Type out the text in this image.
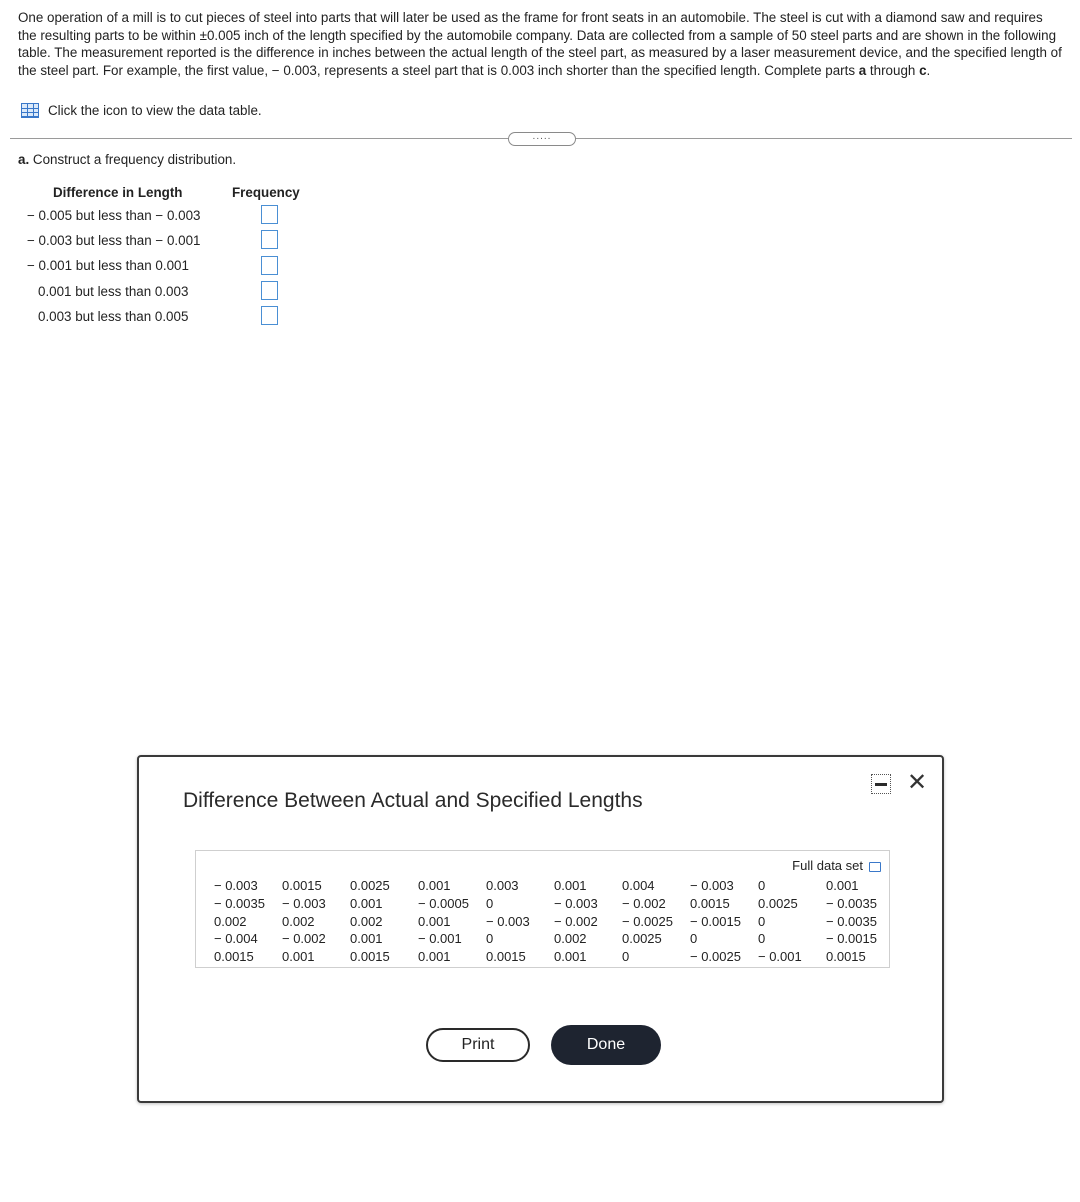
One operation of a mill is to cut pieces of steel into parts that will later be used as the frame for front seats in an automobile. The steel is cut with a diamond saw and requires the resulting parts to be within ±0.005 inch of the length specified by the automobile company. Data are collected from a sample of 50 steel parts and are shown in the following table. The measurement reported is the difference in inches between the actual length of the steel part, as measured by a laser measurement device, and the specified length of the steel part. For example, the first value, − 0.003, represents a steel part that is 0.003 inch shorter than the specified length. Complete parts a through c.

Click the icon to view the data table.
.....
a. Construct a frequency distribution.
Difference in Length	Frequency
− 0.005 but less than − 0.003
− 0.003 but less than − 0.001
− 0.001 but less than 0.001
0.001 but less than 0.003
0.003 but less than 0.005
Difference Between Actual and Specified Lengths
✕
Full data set
− 0.003	0.0015	0.0025	0.001	0.003	0.001	0.004	− 0.003	0	0.001
− 0.0035	− 0.003	0.001	− 0.0005	0	− 0.003	− 0.002	0.0015	0.0025	− 0.0035
0.002	0.002	0.002	0.001	− 0.003	− 0.002	− 0.0025	− 0.0015	0	− 0.0035
− 0.004	− 0.002	0.001	− 0.001	0	0.002	0.0025	0	0	− 0.0015
0.0015	0.001	0.0015	0.001	0.0015	0.001	0	− 0.0025	− 0.001	0.0015
Print	Done
